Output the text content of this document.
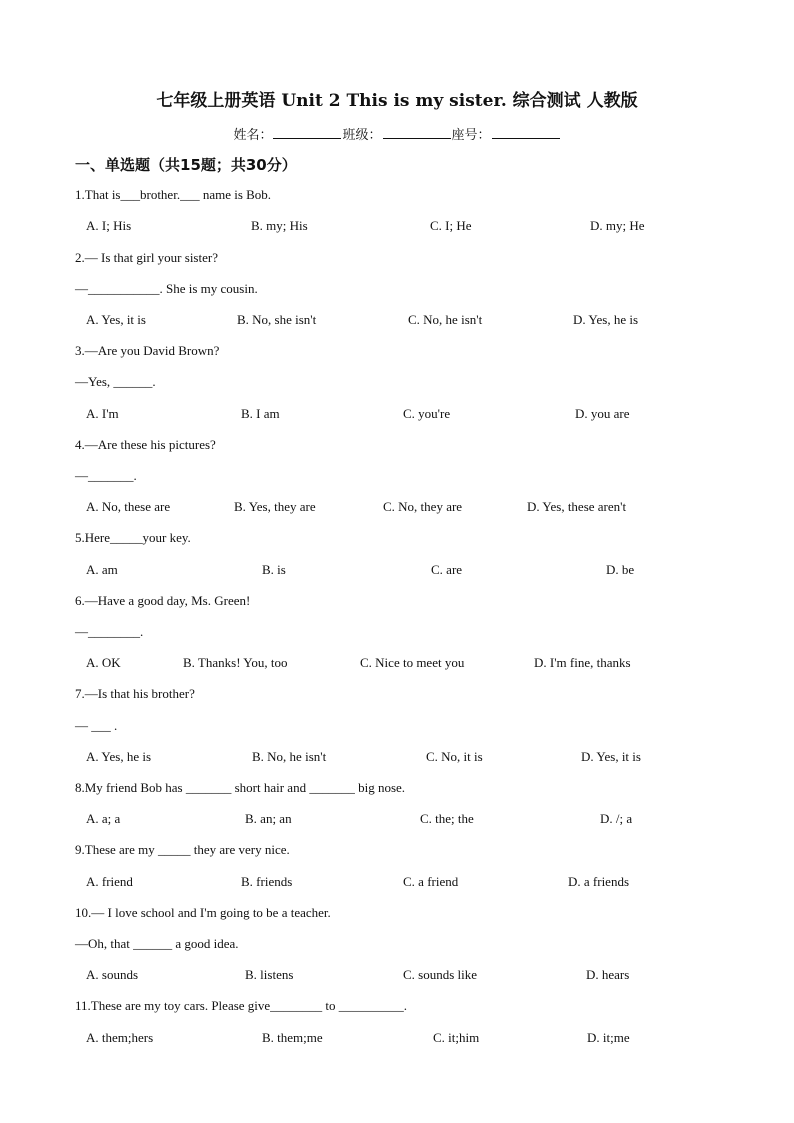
七年级上册英语 Unit 2 This is my sister. 综合测试 人教版
姓名：	班级：	座号：
一、单选题（共15题；共30分）
1.That is___brother.___ name is Bob.
A. I; His	B. my; His	C. I; He	D. my; He
2.— Is that girl your sister?
—___________. She is my cousin.
A. Yes, it is	B. No, she isn't	C. No, he isn't	D. Yes, he is
3.—Are you David Brown?
—Yes, ______.
A. I'm	B. I am	C. you're	D. you are
4.—Are these his pictures?
—_______.
A. No, these are	B. Yes, they are	C. No, they are	D. Yes, these aren't
5.Here_____your key.
A. am	B. is	C. are	D. be
6.—Have a good day, Ms. Green!
—________.
A. OK	B. Thanks! You, too	C. Nice to meet you	D. I'm fine, thanks
7.—Is that his brother?
— ___ .
A. Yes, he is	B. No, he isn't	C. No, it is	D. Yes, it is
8.My friend Bob has _______ short hair and _______ big nose.
A. a; a	B. an; an	C. the; the	D. /; a
9.These are my _____ they are very nice.
A. friend	B. friends	C. a friend	D. a friends
10.— I love school and I'm going to be a teacher.
—Oh, that ______ a good idea.
A. sounds	B. listens	C. sounds like	D. hears
11.These are my toy cars. Please give________ to __________.
A. them;hers	B. them;me	C. it;him	D. it;me
